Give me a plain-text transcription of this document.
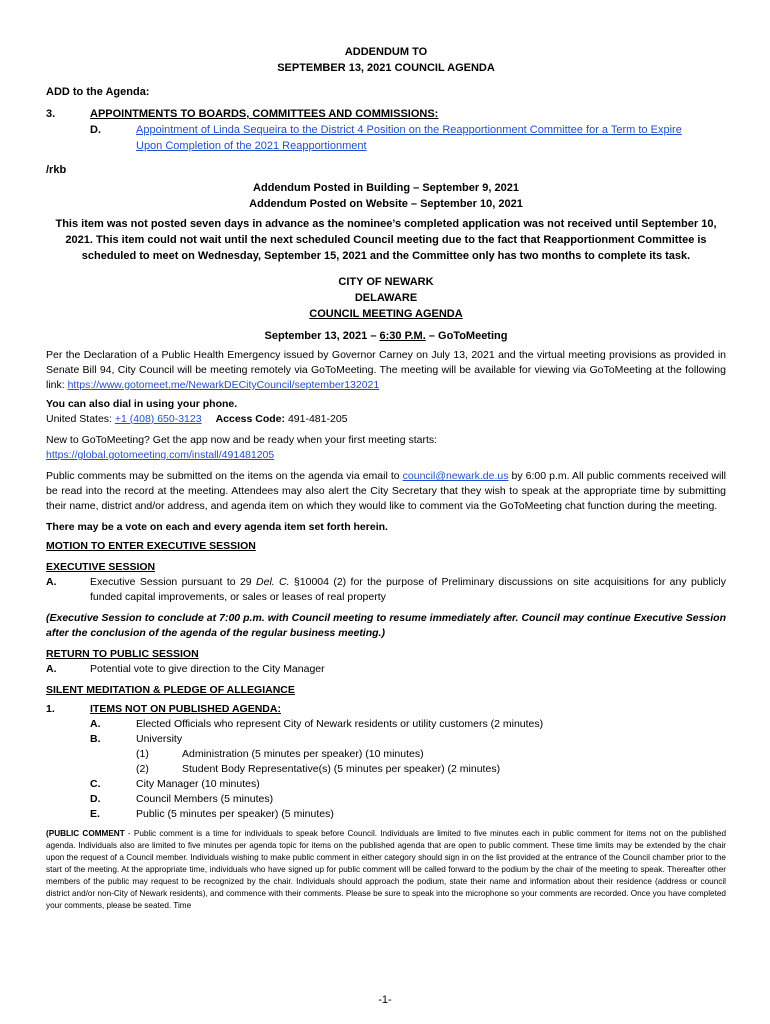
ADDENDUM TO
SEPTEMBER 13, 2021 COUNCIL AGENDA
ADD to the Agenda:
3.	APPOINTMENTS TO BOARDS, COMMITTEES AND COMMISSIONS:
D.	Appointment of Linda Sequeira to the District 4 Position on the Reapportionment Committee for a Term to Expire
Upon Completion of the 2021 Reapportionment
/rkb
Addendum Posted in Building – September 9, 2021
Addendum Posted on Website – September 10, 2021
This item was not posted seven days in advance as the nominee’s completed application was not received until September 10, 2021. This item could not wait until the next scheduled Council meeting due to the fact that Reapportionment Committee is scheduled to meet on Wednesday, September 15, 2021 and the Committee only has two months to complete its task.
CITY OF NEWARK
DELAWARE
COUNCIL MEETING AGENDA
September 13, 2021 – 6:30 P.M. – GoToMeeting
Per the Declaration of a Public Health Emergency issued by Governor Carney on July 13, 2021 and the virtual meeting provisions as provided in Senate Bill 94, City Council will be meeting remotely via GoToMeeting. The meeting will be available for viewing via GoToMeeting at the following link: https://www.gotomeet.me/NewarkDECityCouncil/september132021
You can also dial in using your phone.
United States: +1 (408) 650-3123 Access Code: 491-481-205
New to GoToMeeting? Get the app now and be ready when your first meeting starts:
https://global.gotomeeting.com/install/491481205
Public comments may be submitted on the items on the agenda via email to council@newark.de.us by 6:00 p.m. All public comments received will be read into the record at the meeting. Attendees may also alert the City Secretary that they wish to speak at the appropriate time by submitting their name, district and/or address, and agenda item on which they would like to comment via the GoToMeeting chat function during the meeting.
There may be a vote on each and every agenda item set forth herein.
MOTION TO ENTER EXECUTIVE SESSION
EXECUTIVE SESSION
A.	Executive Session pursuant to 29 Del. C. §10004 (2) for the purpose of Preliminary discussions on site acquisitions for any publicly funded capital improvements, or sales or leases of real property
(Executive Session to conclude at 7:00 p.m. with Council meeting to resume immediately after. Council may continue Executive Session after the conclusion of the agenda of the regular business meeting.)
RETURN TO PUBLIC SESSION
A.	Potential vote to give direction to the City Manager
SILENT MEDITATION & PLEDGE OF ALLEGIANCE
1.	ITEMS NOT ON PUBLISHED AGENDA:
A.	Elected Officials who represent City of Newark residents or utility customers (2 minutes)
B.	University
(1)	Administration (5 minutes per speaker) (10 minutes)
(2)	Student Body Representative(s) (5 minutes per speaker) (2 minutes)
C.	City Manager (10 minutes)
D.	Council Members (5 minutes)
E.	Public (5 minutes per speaker) (5 minutes)
(PUBLIC COMMENT - Public comment is a time for individuals to speak before Council. Individuals are limited to five minutes each in public comment for items not on the published agenda. Individuals also are limited to five minutes per agenda topic for items on the published agenda that are open to public comment. These time limits may be extended by the chair upon the request of a Council member. Individuals wishing to make public comment in either category should sign in on the list provided at the entrance of the Council chamber prior to the start of the meeting. At the appropriate time, individuals who have signed up for public comment will be called forward to the podium by the chair of the meeting to speak. Thereafter other members of the public may request to be recognized by the chair. Individuals should approach the podium, state their name and information about their residence (address or council district and/or non-City of Newark residents), and commence with their comments. Please be sure to speak into the microphone so your comments are recorded. Once you have completed your comments, please be seated. Time
-1-
